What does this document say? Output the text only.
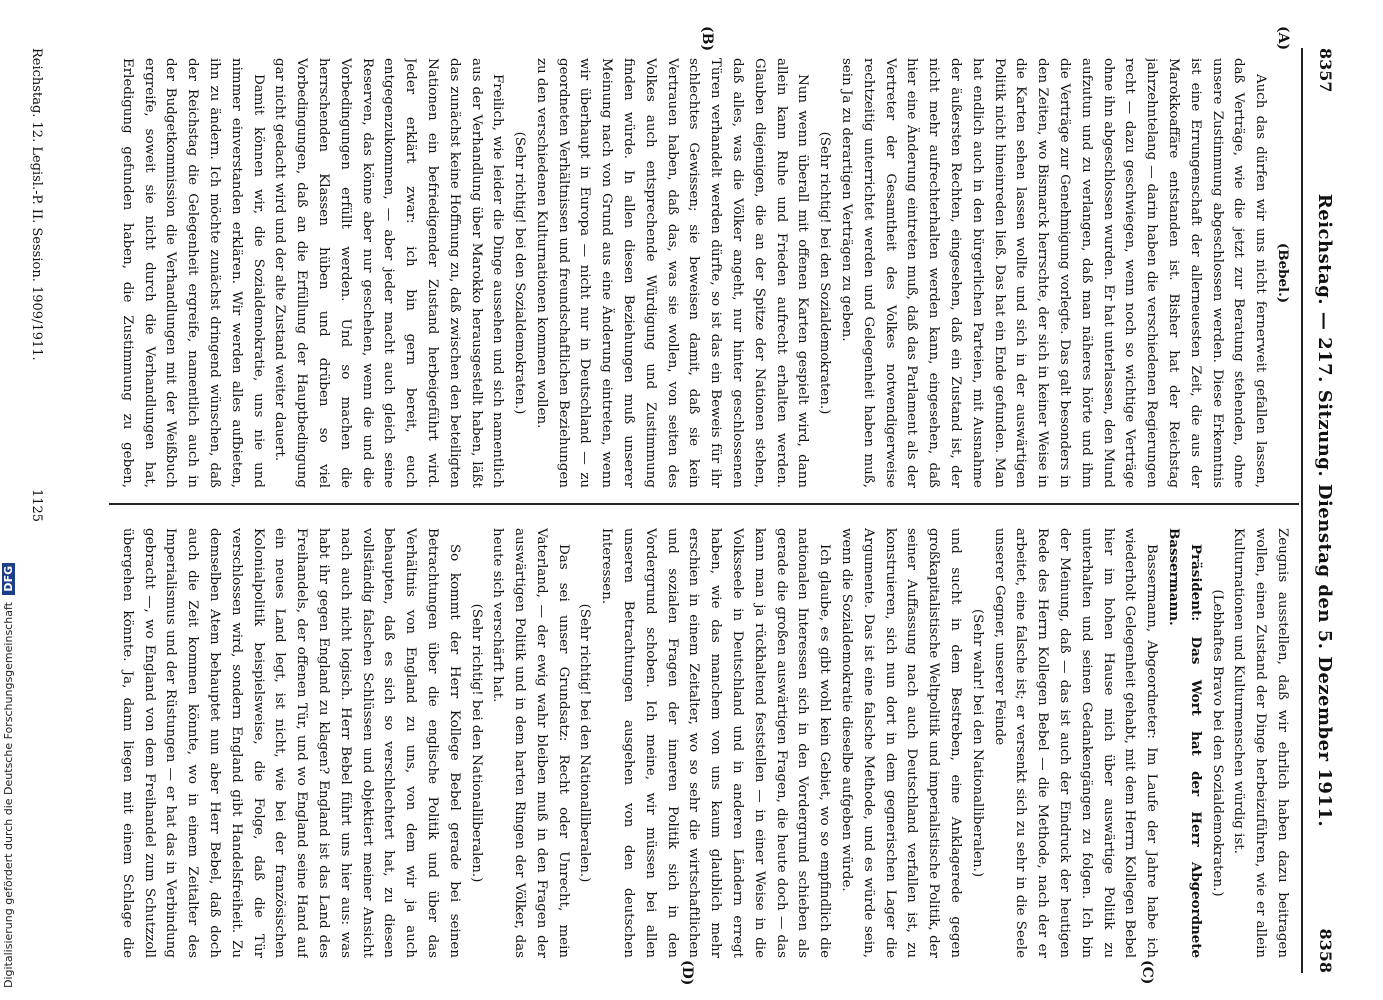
8357
Reichstag. — 217. Sitzung. Dienstag den 5. Dezember 1911.
8358
(A)
(B)
(C)
(D)

(Bebel.)

Auch das dürfen wir uns nicht fernerweit gefallen lassen, daß Verträge, wie die jetzt zur Beratung stehenden, ohne unsere Zustimmung abgeschlossen werden. Diese Erkenntnis ist eine Errungenschaft der allerneuesten Zeit, die aus der Marokkoaffäre entstanden ist. Bisher hat der Reichstag jahrzehntelang — darin haben die verschiedenen Regierungen recht — dazu geschwiegen, wenn noch so wichtige Verträge ohne ihn abgeschlossen wurden. Er hat unterlassen, den Mund aufzutun und zu verlangen, daß man näheres hörte und ihm die Verträge zur Genehmigung vorlegte. Das galt besonders in den Zeiten, wo Bismarck herrschte, der sich in keiner Weise in die Karten sehen lassen wollte und sich in der auswärtigen Politik nicht hineinreden ließ. Das hat ein Ende gefunden. Man hat endlich auch in den bürgerlichen Parteien, mit Ausnahme der äußersten Rechten, eingesehen, daß ein Zustand ist, der nicht mehr aufrechterhalten werden kann, eingesehen, daß hier eine Änderung eintreten muß, daß das Parlament als der Vertreter der Gesamtheit des Volkes notwendigerweise rechtzeitig unterrichtet werden und Gelegenheit haben muß, sein Ja zu derartigen Verträgen zu geben.

(Sehr richtig! bei den Sozialdemokraten.)

Nun wenn überall mit offenen Karten gespielt wird, dann allein kann Ruhe und Frieden aufrecht erhalten werden. Glauben diejenigen, die an der Spitze der Nationen stehen, daß alles, was die Völker angeht, nur hinter geschlossenen Türen verhandelt werden dürfte, so ist das ein Beweis für ihr schlechtes Gewissen; sie beweisen damit, daß sie kein Vertrauen haben, daß das, was sie wollen, von seiten des Volkes auch entsprechende Würdigung und Zustimmung finden würde. In allen diesen Beziehungen muß unserer Meinung nach von Grund aus eine Änderung eintreten, wenn wir überhaupt in Europa — nicht nur in Deutschland — zu geordneten Verhältnissen und freundschaftlichen Beziehungen zu den verschiedenen Kulturnationen kommen wollen.

(Sehr richtig! bei den Sozialdemokraten.)

Freilich, wie leider die Dinge aussehen und sich namentlich aus der Verhandlung über Marokko herausgestellt haben, läßt das zunächst keine Hoffnung zu, daß zwischen den beteiligten Nationen ein befriedigender Zustand herbeigeführt wird. Jeder erklärt zwar: ich bin gern bereit, euch entgegenzukommen, — aber jeder macht auch gleich seine Reserven, das könne aber nur geschehen, wenn die und die Vorbedingungen erfüllt werden. Und so machen die herrschenden Klassen hüben und drüben so viel Vorbedingungen, daß an die Erfüllung der Hauptbedingung gar nicht gedacht wird und der alte Zustand weiter dauert.

Damit können wir, die Sozialdemokratie, uns nie und nimmer einverstanden erklären. Wir werden alles aufbieten, ihn zu ändern. Ich möchte zunächst dringend wünschen, daß der Reichstag die Gelegenheit ergreife, namentlich auch in der Budgetkommission die Verhandlungen mit der Weißbuch ergreife, soweit sie nicht durch die Verhandlungen hat, Erledigung gefunden haben, die Zustimmung zu geben,

Zeugnis ausstellen, daß wir ehrlich haben dazu beitragen wollen, einen Zustand der Dinge herbeizuführen, wie er allein Kulturnationen und Kulturmenschen würdig ist.

(Lebhaftes Bravo bei den Sozialdemokraten.)

Präsident: Das Wort hat der Herr Abgeordnete Bassermann.

Bassermann, Abgeordneter: Im Laufe der Jahre habe ich wiederholt Gelegenheit gehabt, mit dem Herrn Kollegen Bebel hier im hohen Hause mich über auswärtige Politik zu unterhalten und seinen Gedankengängen zu folgen. Ich bin der Meinung, daß — das ist auch der Eindruck der heutigen Rede des Herrn Kollegen Bebel — die Methode, nach der er arbeitet, eine falsche ist; er versenkt sich zu sehr in die Seele unserer Gegner, unserer Feinde

(Sehr wahr! bei den Nationalliberalen.)

und sucht in dem Bestreben, eine Anklagerede gegen großkapitalistische Weltpolitik und imperialistische Politik, der seiner Auffassung nach auch Deutschland verfallen ist, zu konstruieren, sich nun dort in dem gegnerischen Lager die Argumente. Das ist eine falsche Methode, und es würde sein, wenn die Sozialdemokratie dieselbe aufgeben würde.

Ich glaube, es gibt wohl kein Gebiet, wo so empfindlich die nationalen Interessen sich in den Vordergrund schieben als gerade die großen auswärtigen Fragen, die heute doch — das kann man ja rückhaltend feststellen — in einer Weise in die Volksseele in Deutschland und in anderen Ländern erregt haben, wie das manchem von uns kaum glaublich mehr erschien in einem Zeitalter, wo so sehr die wirtschaftlichen und sozialen Fragen der inneren Politik sich in den Vordergrund schoben. Ich meine, wir müssen bei allen unseren Betrachtungen ausgehen von den deutschen Interessen.

(Sehr richtig! bei den Nationalliberalen.)

Das sei unser Grundsatz: Recht oder Unrecht, mein Vaterland, — der ewig wahr bleiben muß in den Fragen der auswärtigen Politik und in dem harten Ringen der Völker, das heute sich verschärft hat.

(Sehr richtig! bei den Nationalliberalen.)

So kommt der Herr Kollege Bebel gerade bei seinen Betrachtungen über die englische Politik und über das Verhältnis von England zu uns, von dem wir ja auch behaupten, daß es sich so verschlechtert hat, zu diesen vollständig falschen Schlüssen und objektiert meiner Ansicht nach auch nicht logisch. Herr Bebel führt uns hier aus: was habt ihr gegen England zu klagen? England ist das Land des Freihandels, der offenen Tür, und wo England seine Hand auf ein neues Land legt, ist nicht, wie bei der französischen Kolonialpolitik beispielsweise, die Folge, daß die Tür verschlossen wird, sondern England gibt Handelsfreiheit. Zu demselben Atem behauptet nun aber Herr Bebel, daß doch auch die Zeit kommen könnte, wo in einem Zeitalter des Imperialismus und der Rüstungen — er hat das in Verbindung gebracht —, wo England von dem Freihandel zum Schutzzoll übergehen könnte. Ja, dann liegen mit einem Schlage die

Reichstag. 12. Legisl.-P. II. Session. 1909/1911.
1125
Digitalisierung gefördert durch die Deutsche Forschungsgemeinschaft DFG
